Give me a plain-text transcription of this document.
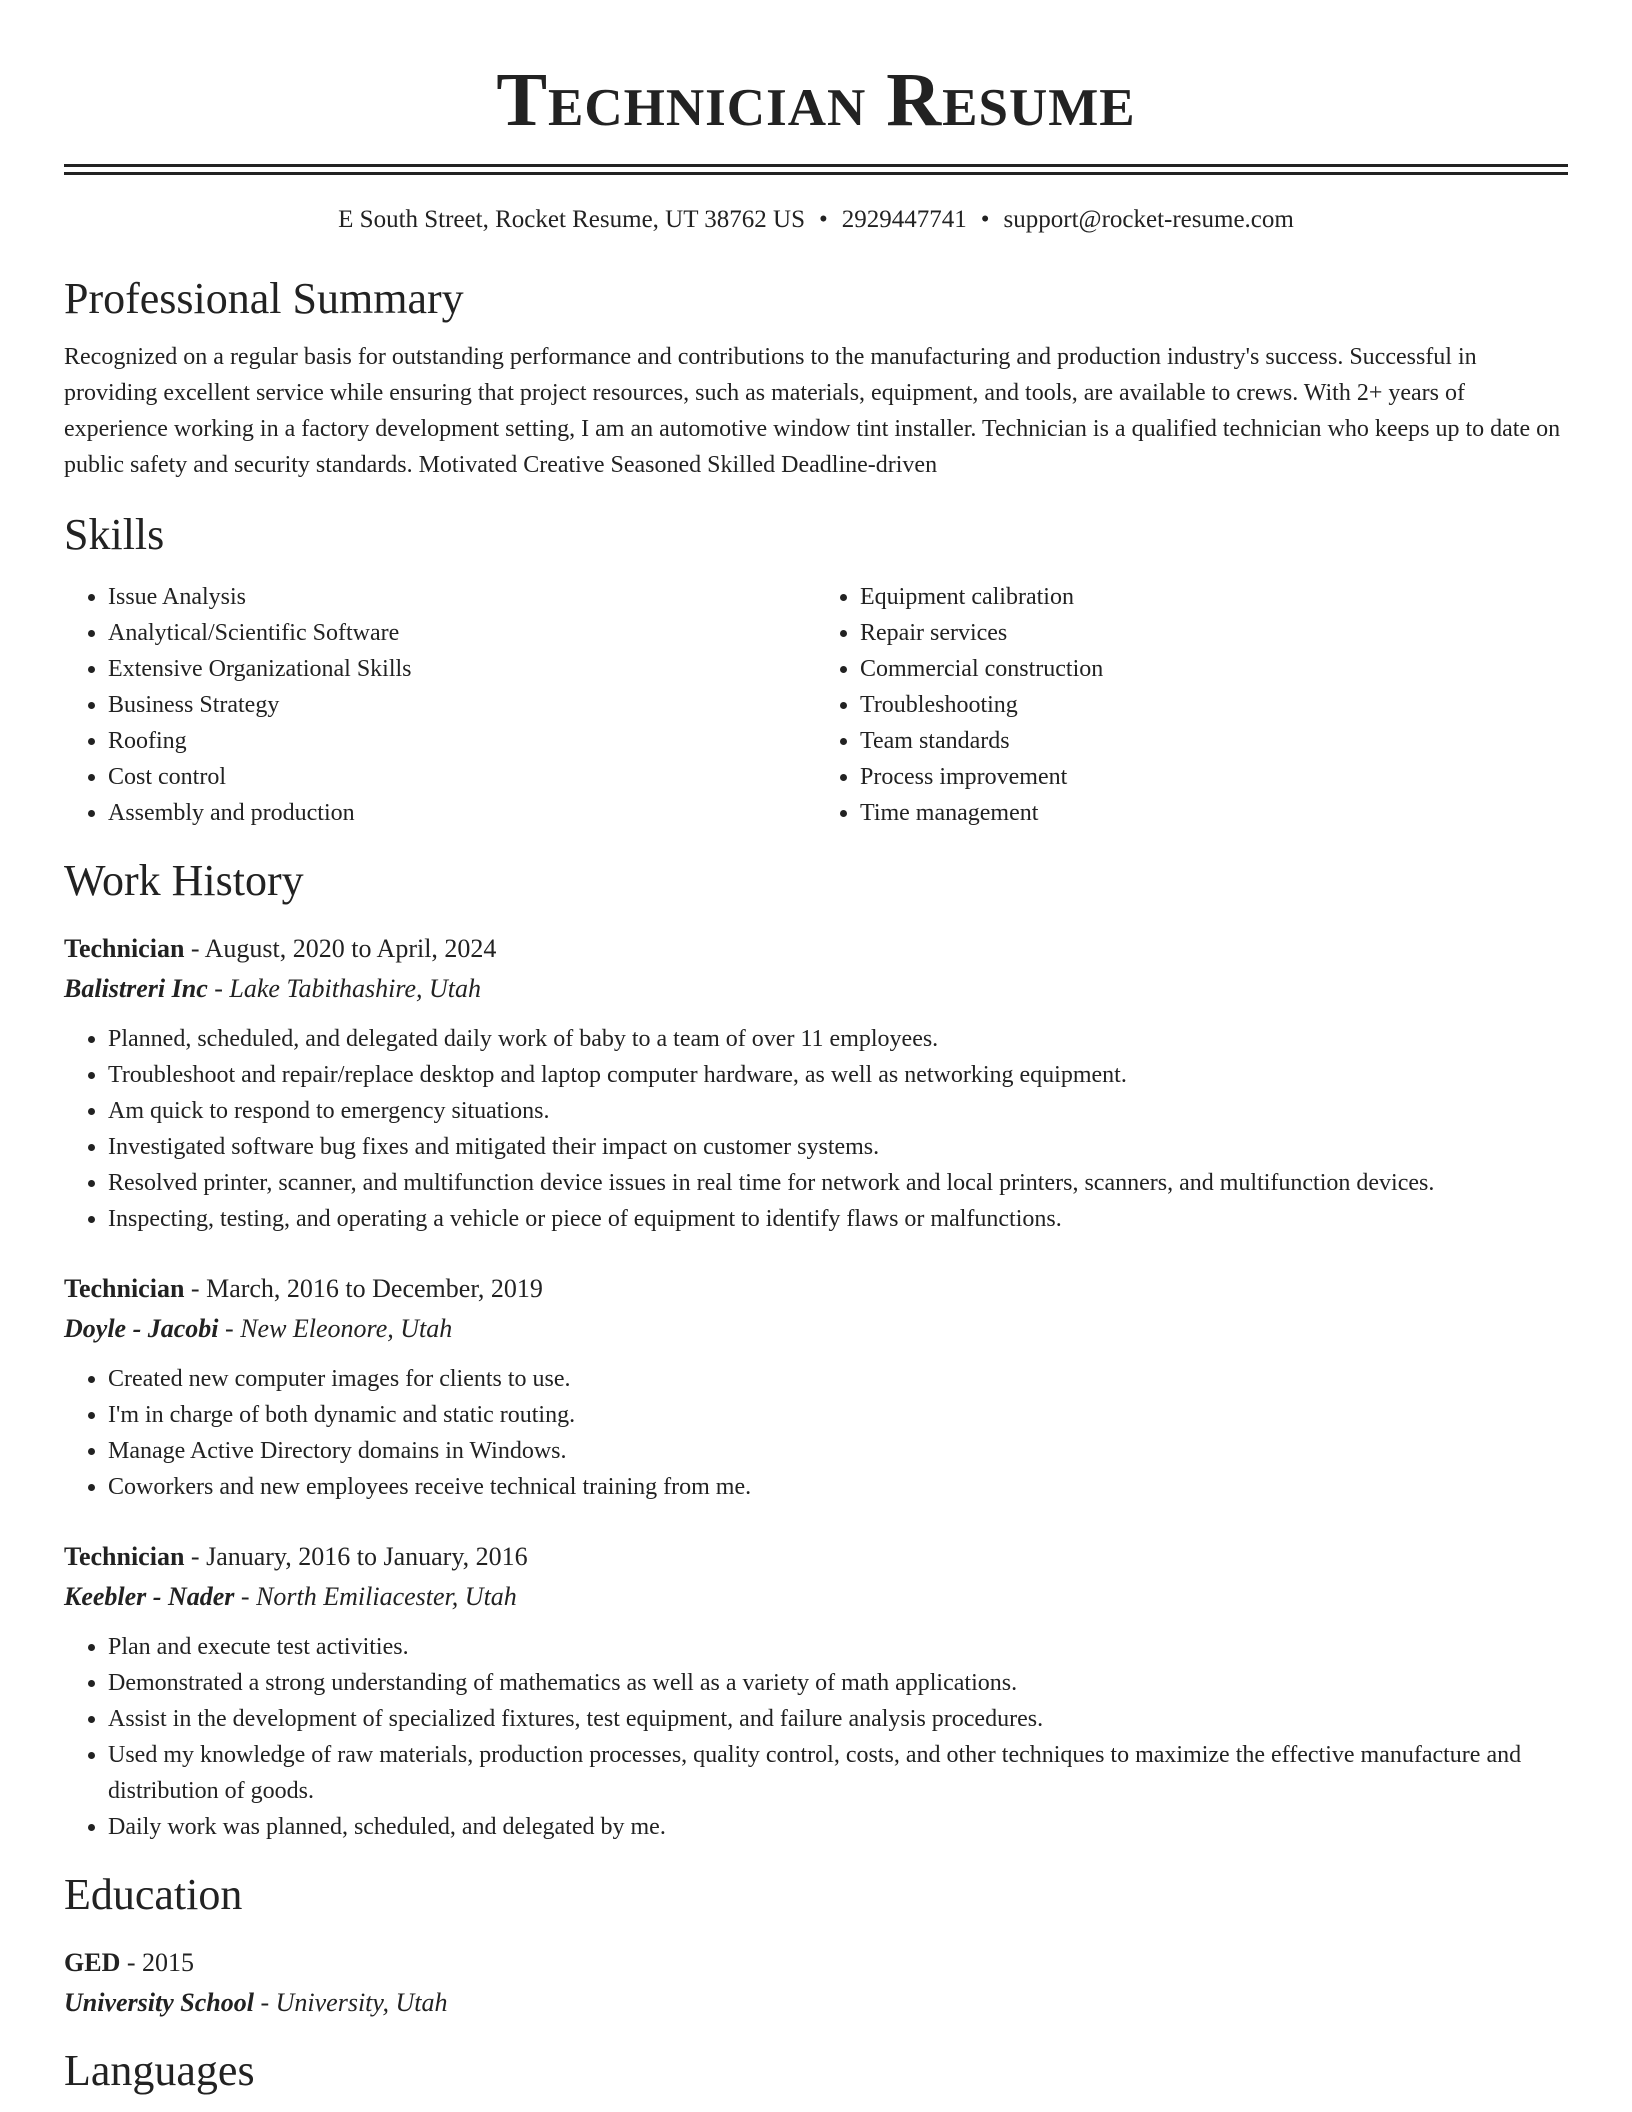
Technician Resume
E South Street, Rocket Resume, UT 38762 US • 2929447741 • support@rocket-resume.com
Professional Summary
Recognized on a regular basis for outstanding performance and contributions to the manufacturing and production industry's success. Successful in providing excellent service while ensuring that project resources, such as materials, equipment, and tools, are available to crews. With 2+ years of experience working in a factory development setting, I am an automotive window tint installer. Technician is a qualified technician who keeps up to date on public safety and security standards. Motivated Creative Seasoned Skilled Deadline-driven
Skills
• Issue Analysis
• Analytical/Scientific Software
• Extensive Organizational Skills
• Business Strategy
• Roofing
• Cost control
• Assembly and production
• Equipment calibration
• Repair services
• Commercial construction
• Troubleshooting
• Team standards
• Process improvement
• Time management
Work History
Technician - August, 2020 to April, 2024
Balistreri Inc - Lake Tabithashire, Utah
• Planned, scheduled, and delegated daily work of baby to a team of over 11 employees.
• Troubleshoot and repair/replace desktop and laptop computer hardware, as well as networking equipment.
• Am quick to respond to emergency situations.
• Investigated software bug fixes and mitigated their impact on customer systems.
• Resolved printer, scanner, and multifunction device issues in real time for network and local printers, scanners, and multifunction devices.
• Inspecting, testing, and operating a vehicle or piece of equipment to identify flaws or malfunctions.
Technician - March, 2016 to December, 2019
Doyle - Jacobi - New Eleonore, Utah
• Created new computer images for clients to use.
• I'm in charge of both dynamic and static routing.
• Manage Active Directory domains in Windows.
• Coworkers and new employees receive technical training from me.
Technician - January, 2016 to January, 2016
Keebler - Nader - North Emiliacester, Utah
• Plan and execute test activities.
• Demonstrated a strong understanding of mathematics as well as a variety of math applications.
• Assist in the development of specialized fixtures, test equipment, and failure analysis procedures.
• Used my knowledge of raw materials, production processes, quality control, costs, and other techniques to maximize the effective manufacture and distribution of goods.
• Daily work was planned, scheduled, and delegated by me.
Education
GED - 2015
University School - University, Utah
Languages
